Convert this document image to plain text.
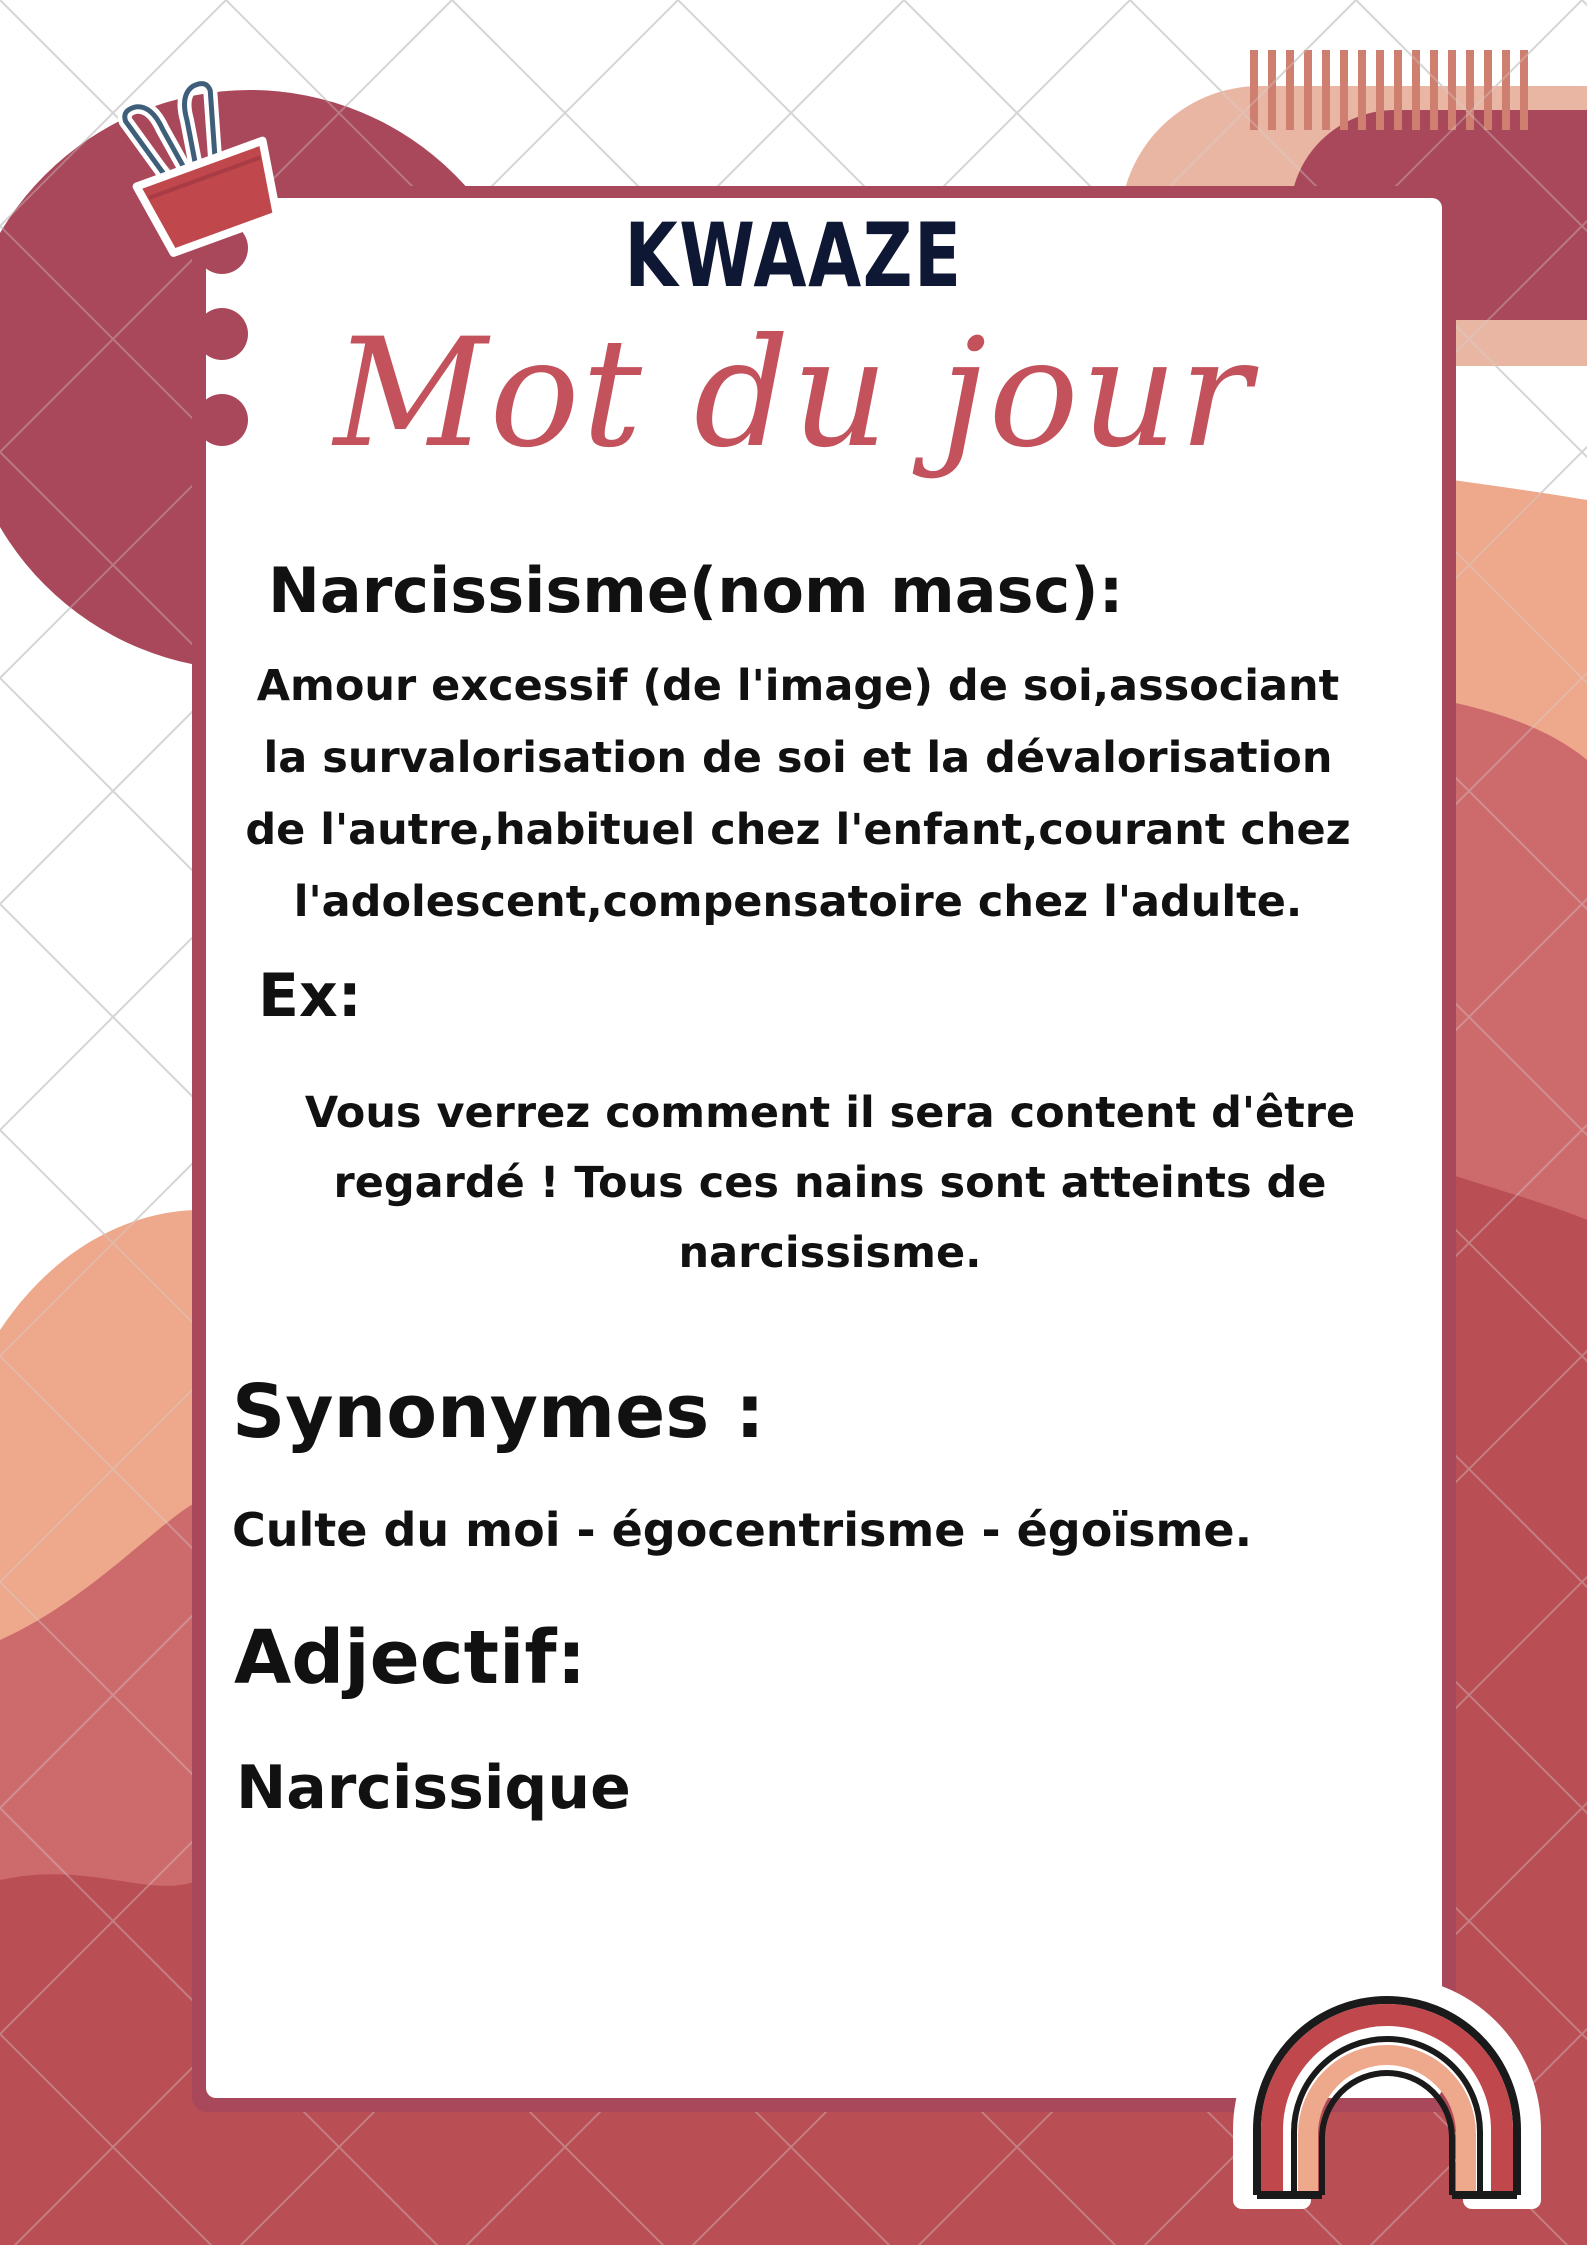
KWAAZE
Mot du jour

Narcissisme(nom masc):

Amour excessif (de l'image) de soi,associant la survalorisation de soi et la dévalorisation de l'autre,habituel chez l'enfant,courant chez l'adolescent,compensatoire chez l'adulte.

Ex:

Vous verrez comment il sera content d'être regardé ! Tous ces nains sont atteints de narcissisme.

Synonymes :

Culte du moi - égocentrisme - égoïsme.

Adjectif:

Narcissique
